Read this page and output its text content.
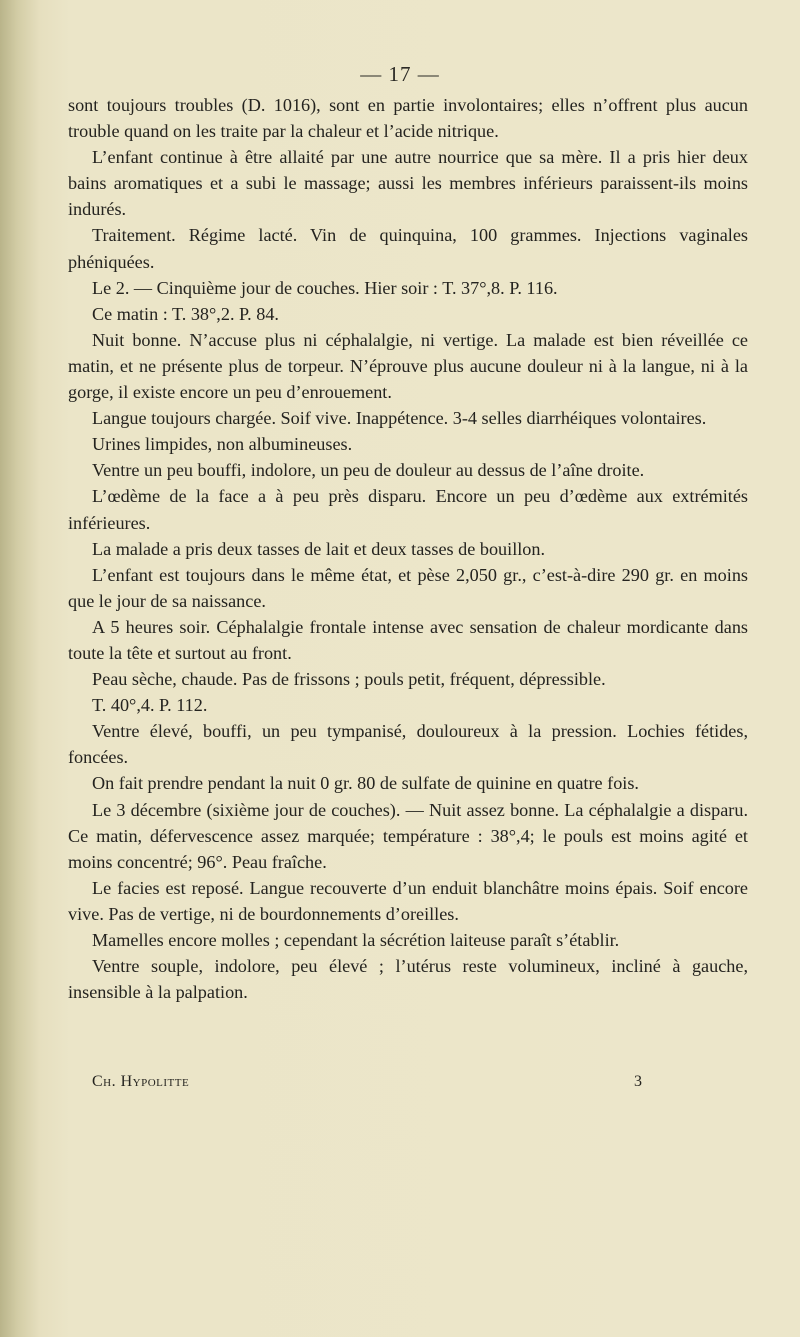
— 17 —

sont toujours troubles (D. 1016), sont en partie involontaires; elles n’offrent plus aucun trouble quand on les traite par la chaleur et l’acide nitrique.

L’enfant continue à être allaité par une autre nourrice que sa mère. Il a pris hier deux bains aromatiques et a subi le massage; aussi les membres inférieurs paraissent-ils moins indurés.

Traitement. Régime lacté. Vin de quinquina, 100 grammes. Injections vaginales phéniquées.

Le 2. — Cinquième jour de couches. Hier soir : T. 37°,8. P. 116.

Ce matin : T. 38°,2. P. 84.

Nuit bonne. N’accuse plus ni céphalalgie, ni vertige. La malade est bien réveillée ce matin, et ne présente plus de torpeur. N’éprouve plus aucune douleur ni à la langue, ni à la gorge, il existe encore un peu d’enrouement.

Langue toujours chargée. Soif vive. Inappétence. 3-4 selles diarrhéiques volontaires.

Urines limpides, non albumineuses.

Ventre un peu bouffi, indolore, un peu de douleur au dessus de l’aîne droite.

L’œdème de la face a à peu près disparu. Encore un peu d’œdème aux extrémités inférieures.

La malade a pris deux tasses de lait et deux tasses de bouillon.

L’enfant est toujours dans le même état, et pèse 2,050 gr., c’est-à-dire 290 gr. en moins que le jour de sa naissance.

A 5 heures soir. Céphalalgie frontale intense avec sensation de chaleur mordicante dans toute la tête et surtout au front.

Peau sèche, chaude. Pas de frissons ; pouls petit, fréquent, dépressible.

T. 40°,4. P. 112.

Ventre élevé, bouffi, un peu tympanisé, douloureux à la pression. Lochies fétides, foncées.

On fait prendre pendant la nuit 0 gr. 80 de sulfate de quinine en quatre fois.

Le 3 décembre (sixième jour de couches). — Nuit assez bonne. La céphalalgie a disparu. Ce matin, défervescence assez marquée; température : 38°,4; le pouls est moins agité et moins concentré; 96°. Peau fraîche.

Le facies est reposé. Langue recouverte d’un enduit blanchâtre moins épais. Soif encore vive. Pas de vertige, ni de bourdonnements d’oreilles.

Mamelles encore molles ; cependant la sécrétion laiteuse paraît s’établir.

Ventre souple, indolore, peu élevé ; l’utérus reste volumineux, incliné à gauche, insensible à la palpation.

Ch. Hypolitte	3
